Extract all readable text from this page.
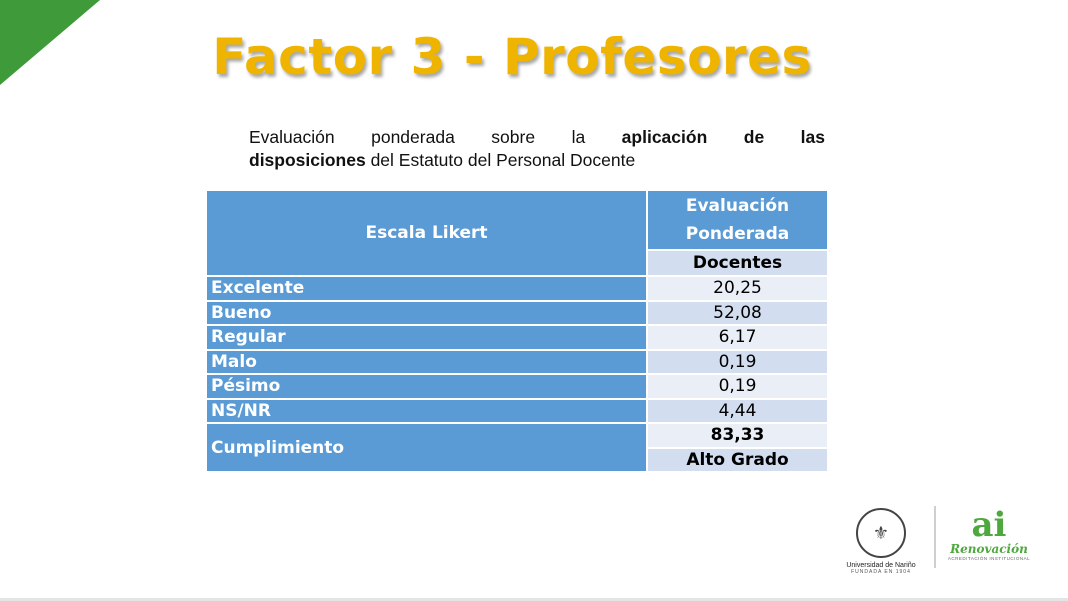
Factor 3 - Profesores
Evaluación ponderada sobre la aplicación de las
disposiciones del Estatuto del Personal Docente
Escala Likert	Evaluación Ponderada
	Docentes
Excelente	20,25
Bueno	52,08
Regular	6,17
Malo	0,19
Pésimo	0,19
NS/NR	4,44
Cumplimiento	83,33
	Alto Grado
⚜
Universidad de Nariño
FUNDADA EN 1904
ai
Renovación
ACREDITACIÓN INSTITUCIONAL
